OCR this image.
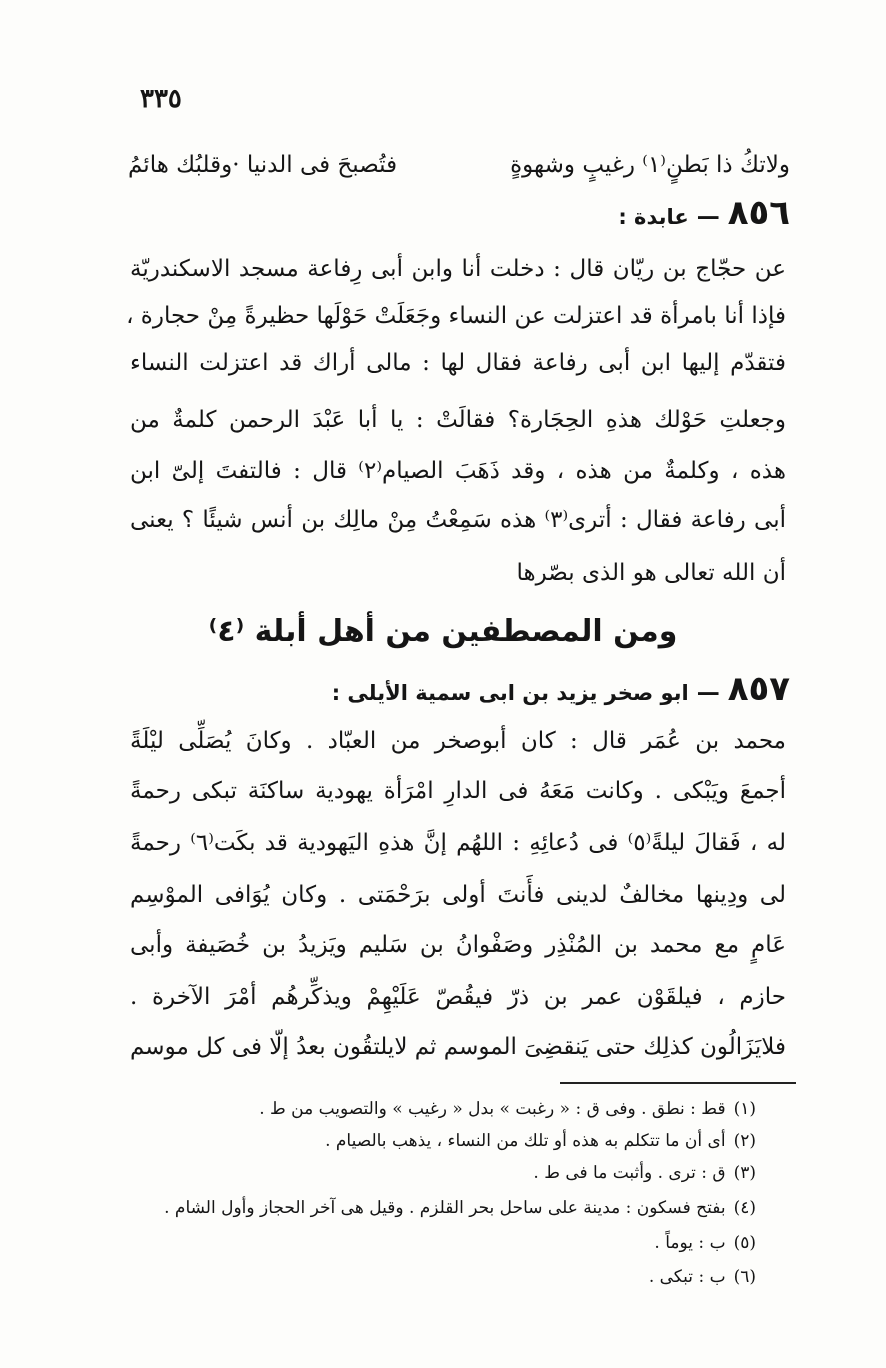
٣٣٥
ولاتكُ ذا بَطنٍ⁽١⁾ رغيبٍ وشهوةٍ
فتُصبحَ فى الدنيا ·وقلبُك هائمُ
٨٥٦ — عابدة :
عن حجّاج بن ريّان قال : دخلت أنا وابن أبى رِفاعة مسجد الاسكندريّة
فإذا أنا بامرأة قد اعتزلت عن النساء وجَعَلَتْ حَوْلَها حظيرةً مِنْ حجارة ،
فتقدّم إليها ابن أبى رفاعة فقال لها : مالى أراك قد اعتزلت النساء
وجعلتِ حَوْلك هذهِ الحِجَارة؟ فقالَتْ : يا أبا عَبْدَ الرحمن كلمةٌ من
هذه ، وكلمةٌ من هذه ، وقد ذَهَبَ الصيام⁽٢⁾ قال : فالتفتَ إلىّ ابن
أبى رفاعة فقال : أترى⁽٣⁾ هذه سَمِعْتُ مِنْ مالِك بن أنس شيئًا ؟ يعنى
أن الله تعالى هو الذى بصّرها
ومن المصطفين من أهل أبلة ⁽٤⁾
٨٥٧ — ابو صخر يزيد بن ابى سمية الأيلى :
محمد بن عُمَر قال : كان أبوصخر من العبّاد . وكانَ يُصَلِّى ليْلَةً
أجمعَ ويَبْكى . وكانت مَعَهُ فى الدارِ امْرَأة يهودية ساكنَة تبكى رحمةً
له ، فَقالَ ليلةً⁽٥⁾ فى دُعائِهِ : اللهُم إنَّ هذهِ اليَهودية قد بكَت⁽٦⁾ رحمةً
لى ودِينها مخالفٌ لدينى فأَنتَ أولى برَحْمَتى . وكان يُوَافى الموْسِم
عَامٍ مع محمد بن المُنْذِر وصَفْوانُ بن سَليم ويَزيدُ بن خُصَيفة وأبى
حازم ، فيلقَوْن عمر بن ذرّ فيقُصّ عَلَيْهِمْ ويذكِّرهُم أمْرَ الآخرة .
فلايَزَالُون كذلِك حتى يَنقضِىَ الموسم ثم لايلتقُون بعدُ إلّا فى كل موسم
(١)قط : نطق . وفى ق : « رغبت » بدل « رغيب » والتصويب من ط .
(٢)أى أن ما تتكلم به هذه أو تلك من النساء ، يذهب بالصيام .
(٣)ق : ترى . وأثبت ما فى ط .
(٤)بفتح فسكون : مدينة على ساحل بحر القلزم . وقيل هى آخر الحجاز وأول الشام .
(٥)ب : يوماً .
(٦)ب : تبكى .
